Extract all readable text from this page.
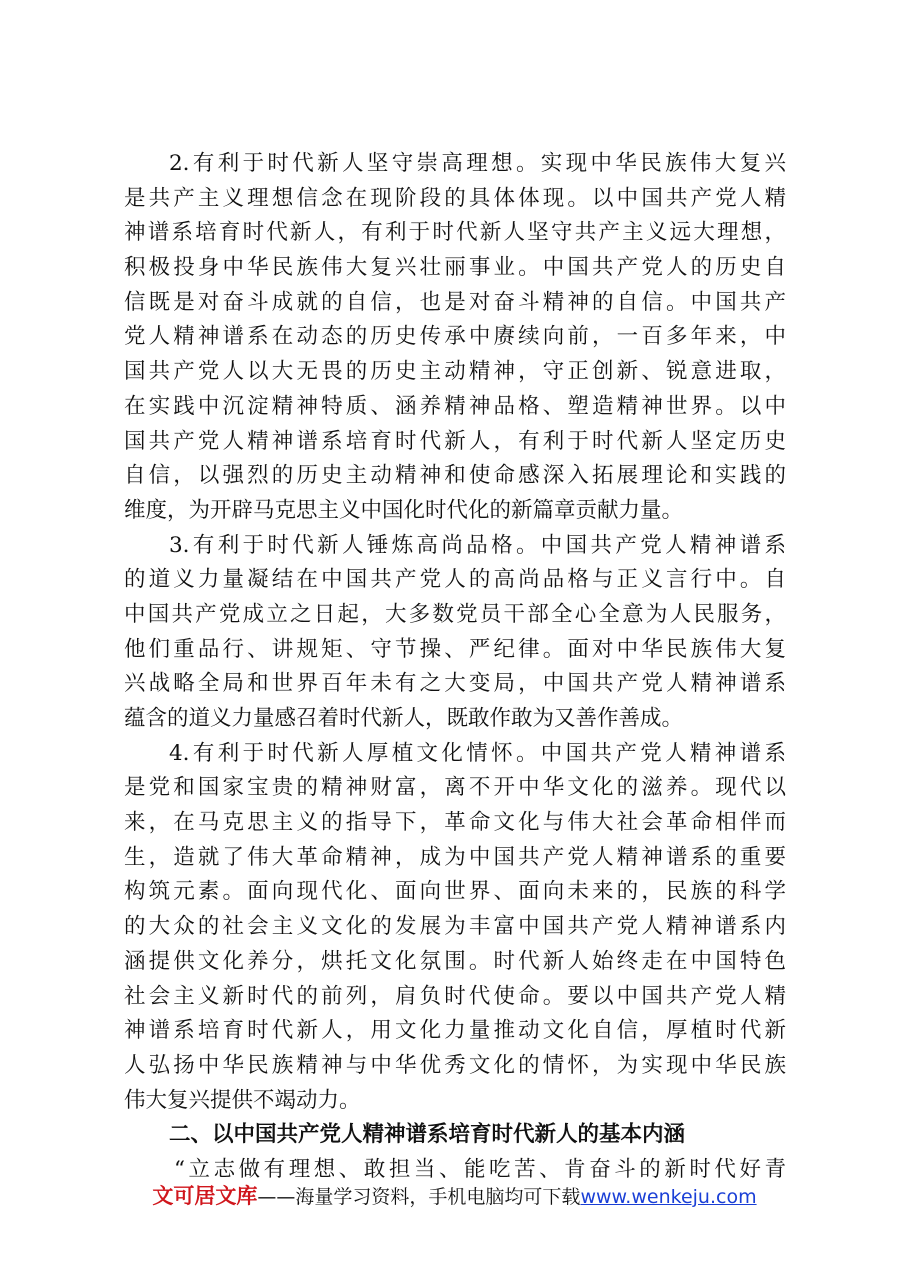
2.有利于时代新人坚守崇高理想。实现中华民族伟大复兴
是共产主义理想信念在现阶段的具体体现。以中国共产党人精
神谱系培育时代新人，有利于时代新人坚守共产主义远大理想，
积极投身中华民族伟大复兴壮丽事业。中国共产党人的历史自
信既是对奋斗成就的自信，也是对奋斗精神的自信。中国共产
党人精神谱系在动态的历史传承中赓续向前，一百多年来，中
国共产党人以大无畏的历史主动精神，守正创新、锐意进取，
在实践中沉淀精神特质、涵养精神品格、塑造精神世界。以中
国共产党人精神谱系培育时代新人，有利于时代新人坚定历史
自信，以强烈的历史主动精神和使命感深入拓展理论和实践的
维度，为开辟马克思主义中国化时代化的新篇章贡献力量。
3.有利于时代新人锤炼高尚品格。中国共产党人精神谱系
的道义力量凝结在中国共产党人的高尚品格与正义言行中。自
中国共产党成立之日起，大多数党员干部全心全意为人民服务，
他们重品行、讲规矩、守节操、严纪律。面对中华民族伟大复
兴战略全局和世界百年未有之大变局，中国共产党人精神谱系
蕴含的道义力量感召着时代新人，既敢作敢为又善作善成。
4.有利于时代新人厚植文化情怀。中国共产党人精神谱系
是党和国家宝贵的精神财富，离不开中华文化的滋养。现代以
来，在马克思主义的指导下，革命文化与伟大社会革命相伴而
生，造就了伟大革命精神，成为中国共产党人精神谱系的重要
构筑元素。面向现代化、面向世界、面向未来的，民族的科学
的大众的社会主义文化的发展为丰富中国共产党人精神谱系内
涵提供文化养分，烘托文化氛围。时代新人始终走在中国特色
社会主义新时代的前列，肩负时代使命。要以中国共产党人精
神谱系培育时代新人，用文化力量推动文化自信，厚植时代新
人弘扬中华民族精神与中华优秀文化的情怀，为实现中华民族
伟大复兴提供不竭动力。
二、以中国共产党人精神谱系培育时代新人的基本内涵
“立志做有理想、敢担当、能吃苦、肯奋斗的新时代好青
文可居文库——海量学习资料，手机电脑均可下载www.wenkeju.com
